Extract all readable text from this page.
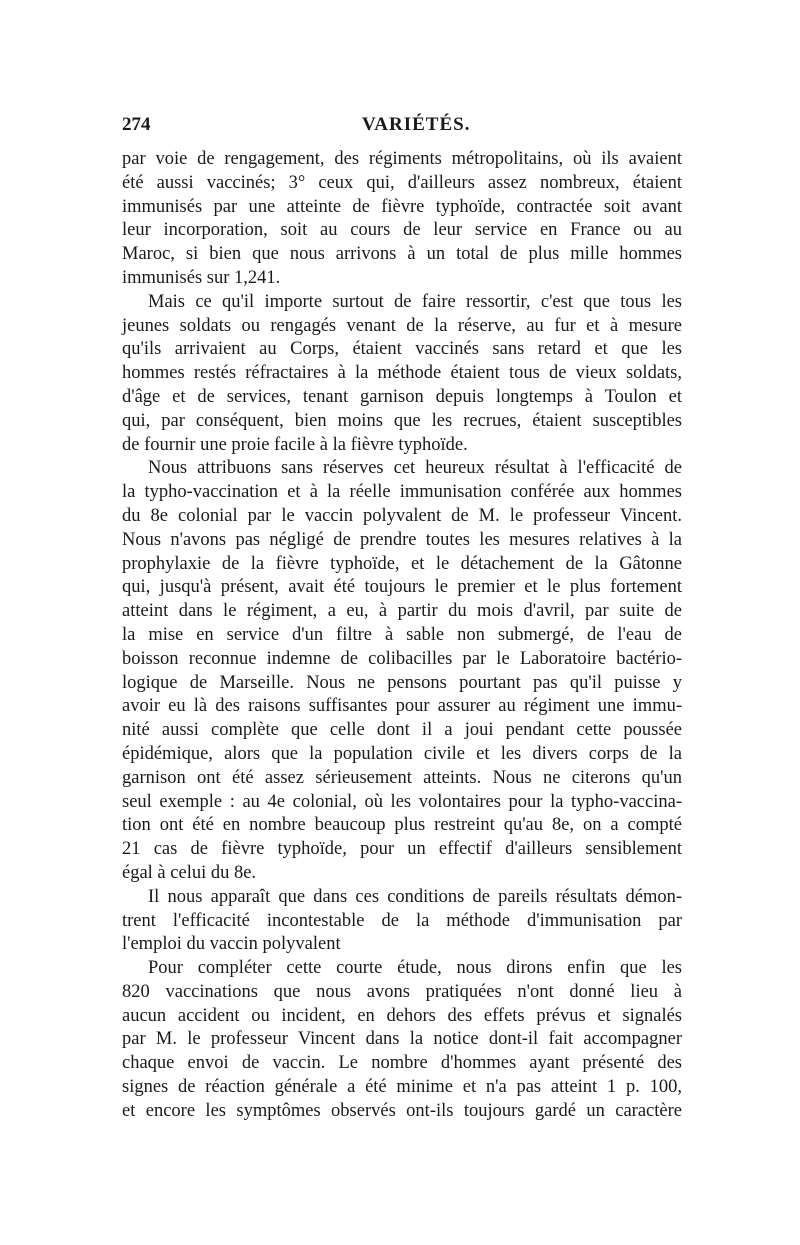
274	VARIÉTÉS.
par voie de rengagement, des régiments métropolitains, où ils avaient
été aussi vaccinés; 3° ceux qui, d'ailleurs assez nombreux, étaient
immunisés par une atteinte de fièvre typhoïde, contractée soit avant
leur incorporation, soit au cours de leur service en France ou au
Maroc, si bien que nous arrivons à un total de plus mille hommes
immunisés sur 1,241.
Mais ce qu'il importe surtout de faire ressortir, c'est que tous les
jeunes soldats ou rengagés venant de la réserve, au fur et à mesure
qu'ils arrivaient au Corps, étaient vaccinés sans retard et que les
hommes restés réfractaires à la méthode étaient tous de vieux soldats,
d'âge et de services, tenant garnison depuis longtemps à Toulon et
qui, par conséquent, bien moins que les recrues, étaient susceptibles
de fournir une proie facile à la fièvre typhoïde.
Nous attribuons sans réserves cet heureux résultat à l'efficacité de
la typho-vaccination et à la réelle immunisation conférée aux hommes
du 8e colonial par le vaccin polyvalent de M. le professeur Vincent.
Nous n'avons pas négligé de prendre toutes les mesures relatives à la
prophylaxie de la fièvre typhoïde, et le détachement de la Gâtonne
qui, jusqu'à présent, avait été toujours le premier et le plus fortement
atteint dans le régiment, a eu, à partir du mois d'avril, par suite de
la mise en service d'un filtre à sable non submergé, de l'eau de
boisson reconnue indemne de colibacilles par le Laboratoire bactério-
logique de Marseille. Nous ne pensons pourtant pas qu'il puisse y
avoir eu là des raisons suffisantes pour assurer au régiment une immu-
nité aussi complète que celle dont il a joui pendant cette poussée
épidémique, alors que la population civile et les divers corps de la
garnison ont été assez sérieusement atteints. Nous ne citerons qu'un
seul exemple : au 4e colonial, où les volontaires pour la typho-vaccina-
tion ont été en nombre beaucoup plus restreint qu'au 8e, on a compté
21 cas de fièvre typhoïde, pour un effectif d'ailleurs sensiblement
égal à celui du 8e.
Il nous apparaît que dans ces conditions de pareils résultats démon-
trent l'efficacité incontestable de la méthode d'immunisation par
l'emploi du vaccin polyvalent
Pour compléter cette courte étude, nous dirons enfin que les
820 vaccinations que nous avons pratiquées n'ont donné lieu à
aucun accident ou incident, en dehors des effets prévus et signalés
par M. le professeur Vincent dans la notice dont-il fait accompagner
chaque envoi de vaccin. Le nombre d'hommes ayant présenté des
signes de réaction générale a été minime et n'a pas atteint 1 p. 100,
et encore les symptômes observés ont-ils toujours gardé un caractère
